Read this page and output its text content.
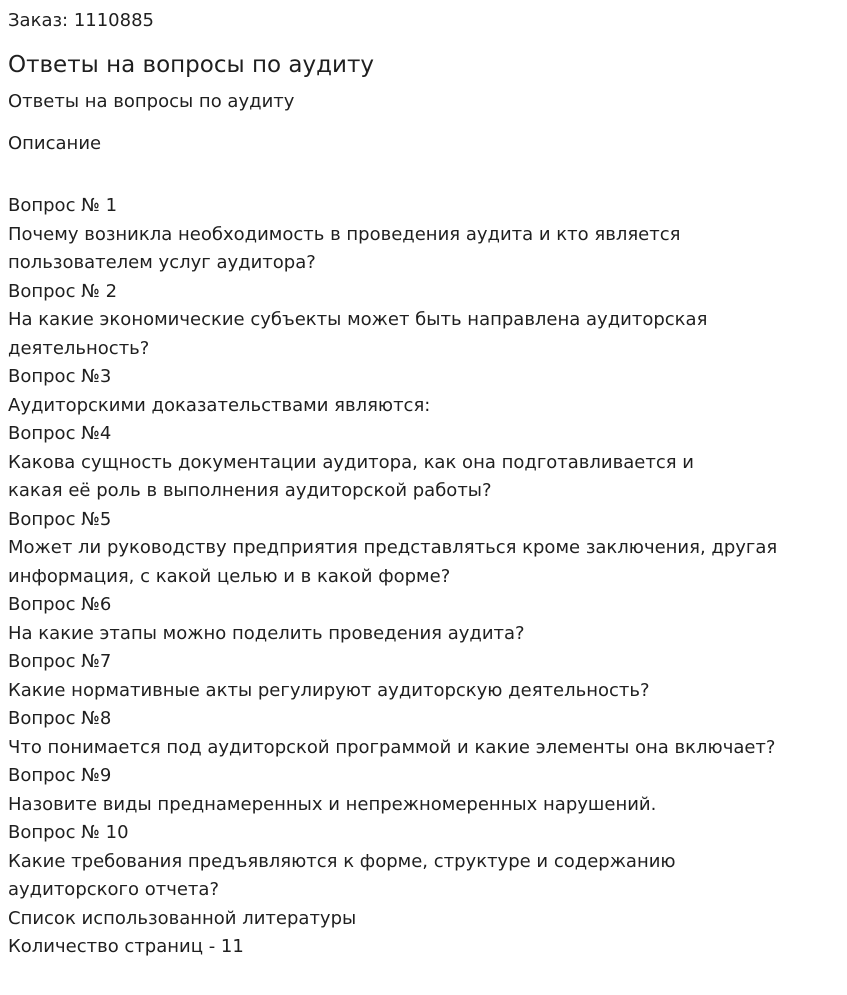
Заказ: 1110885

Ответы на вопросы по аудиту

Ответы на вопросы по аудиту

Описание

Вопрос № 1
Почему возникла необходимость в проведения аудита и кто является
пользователем услуг аудитора?
Вопрос № 2
На какие экономические субъекты может быть направлена аудиторская
деятельность?
Вопрос №3
Аудиторскими доказательствами являются:
Вопрос №4
Какова сущность документации аудитора, как она подготавливается и
какая её роль в выполнения аудиторской работы?
Вопрос №5
Может ли руководству предприятия представляться кроме заключения, другая
информация, с какой целью и в какой форме?
Вопрос №6
На какие этапы можно поделить проведения аудита?
Вопрос №7
Какие нормативные акты регулируют аудиторскую деятельность?
Вопрос №8
Что понимается под аудиторской программой и какие элементы она включает?
Вопрос №9
Назовите виды преднамеренных и непрежномеренных нарушений.
Вопрос № 10
Какие требования предъявляются к форме, структуре и содержанию
аудиторского отчета?
Список использованной литературы
Количество страниц - 11
